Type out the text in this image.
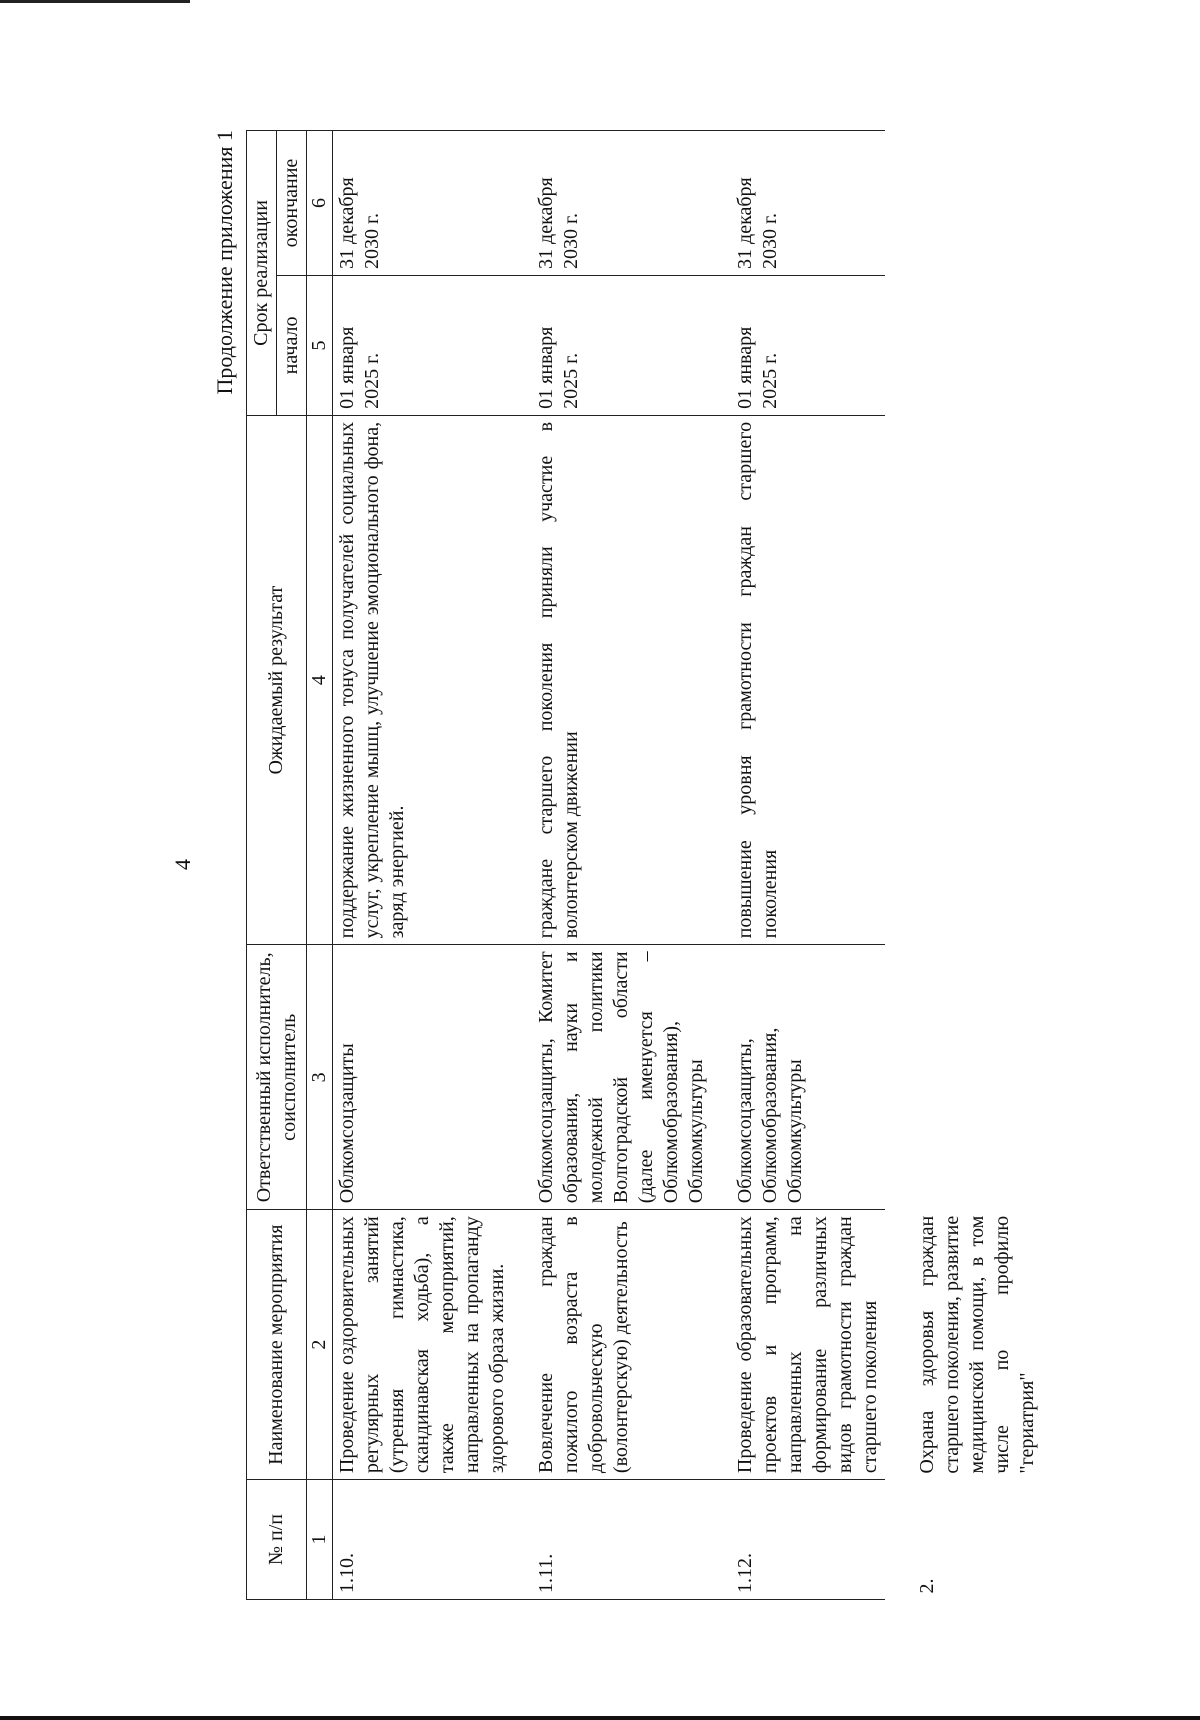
4
Продолжение приложения 1
№ п/п	Наименование мероприятия	Ответственный исполнитель, соисполнитель	Ожидаемый результат	Срок реализации	
				начало	окончание
1	2	3	4	5	6
1.10.	Проведение оздоровительных регулярных занятий (утренняя гимнастика, скандинавская ходьба), а также мероприятий, направленных на пропаганду здорового образа жизни.	Облкомсоцзащиты	поддержание жизненного тонуса получателей социальных услуг, укрепление мышц, улучшение эмоционального фона, заряд энергией.	01 января 2025 г.	31 декабря 2030 г.
1.11.	Вовлечение граждан пожилого возраста в добровольческую (волонтерскую) деятельность	Облкомсоцзащиты, Комитет образования, науки и молодежной политики Волгоградской области (далее именуется – Облкомобразования), Облкомкультуры	граждане старшего поколения приняли участие в волонтерском движении	01 января 2025 г.	31 декабря 2030 г.
1.12.	Проведение образовательных проектов и программ, направленных на формирование различных видов грамотности граждан старшего поколения	Облкомсоцзащиты, Облкомобразования, Облкомкультуры	повышение уровня грамотности граждан старшего поколения	01 января 2025 г.	31 декабря 2030 г.
2.	Охрана здоровья граждан старшего поколения, развитие медицинской помощи, в том числе по профилю "гериатрия"				
